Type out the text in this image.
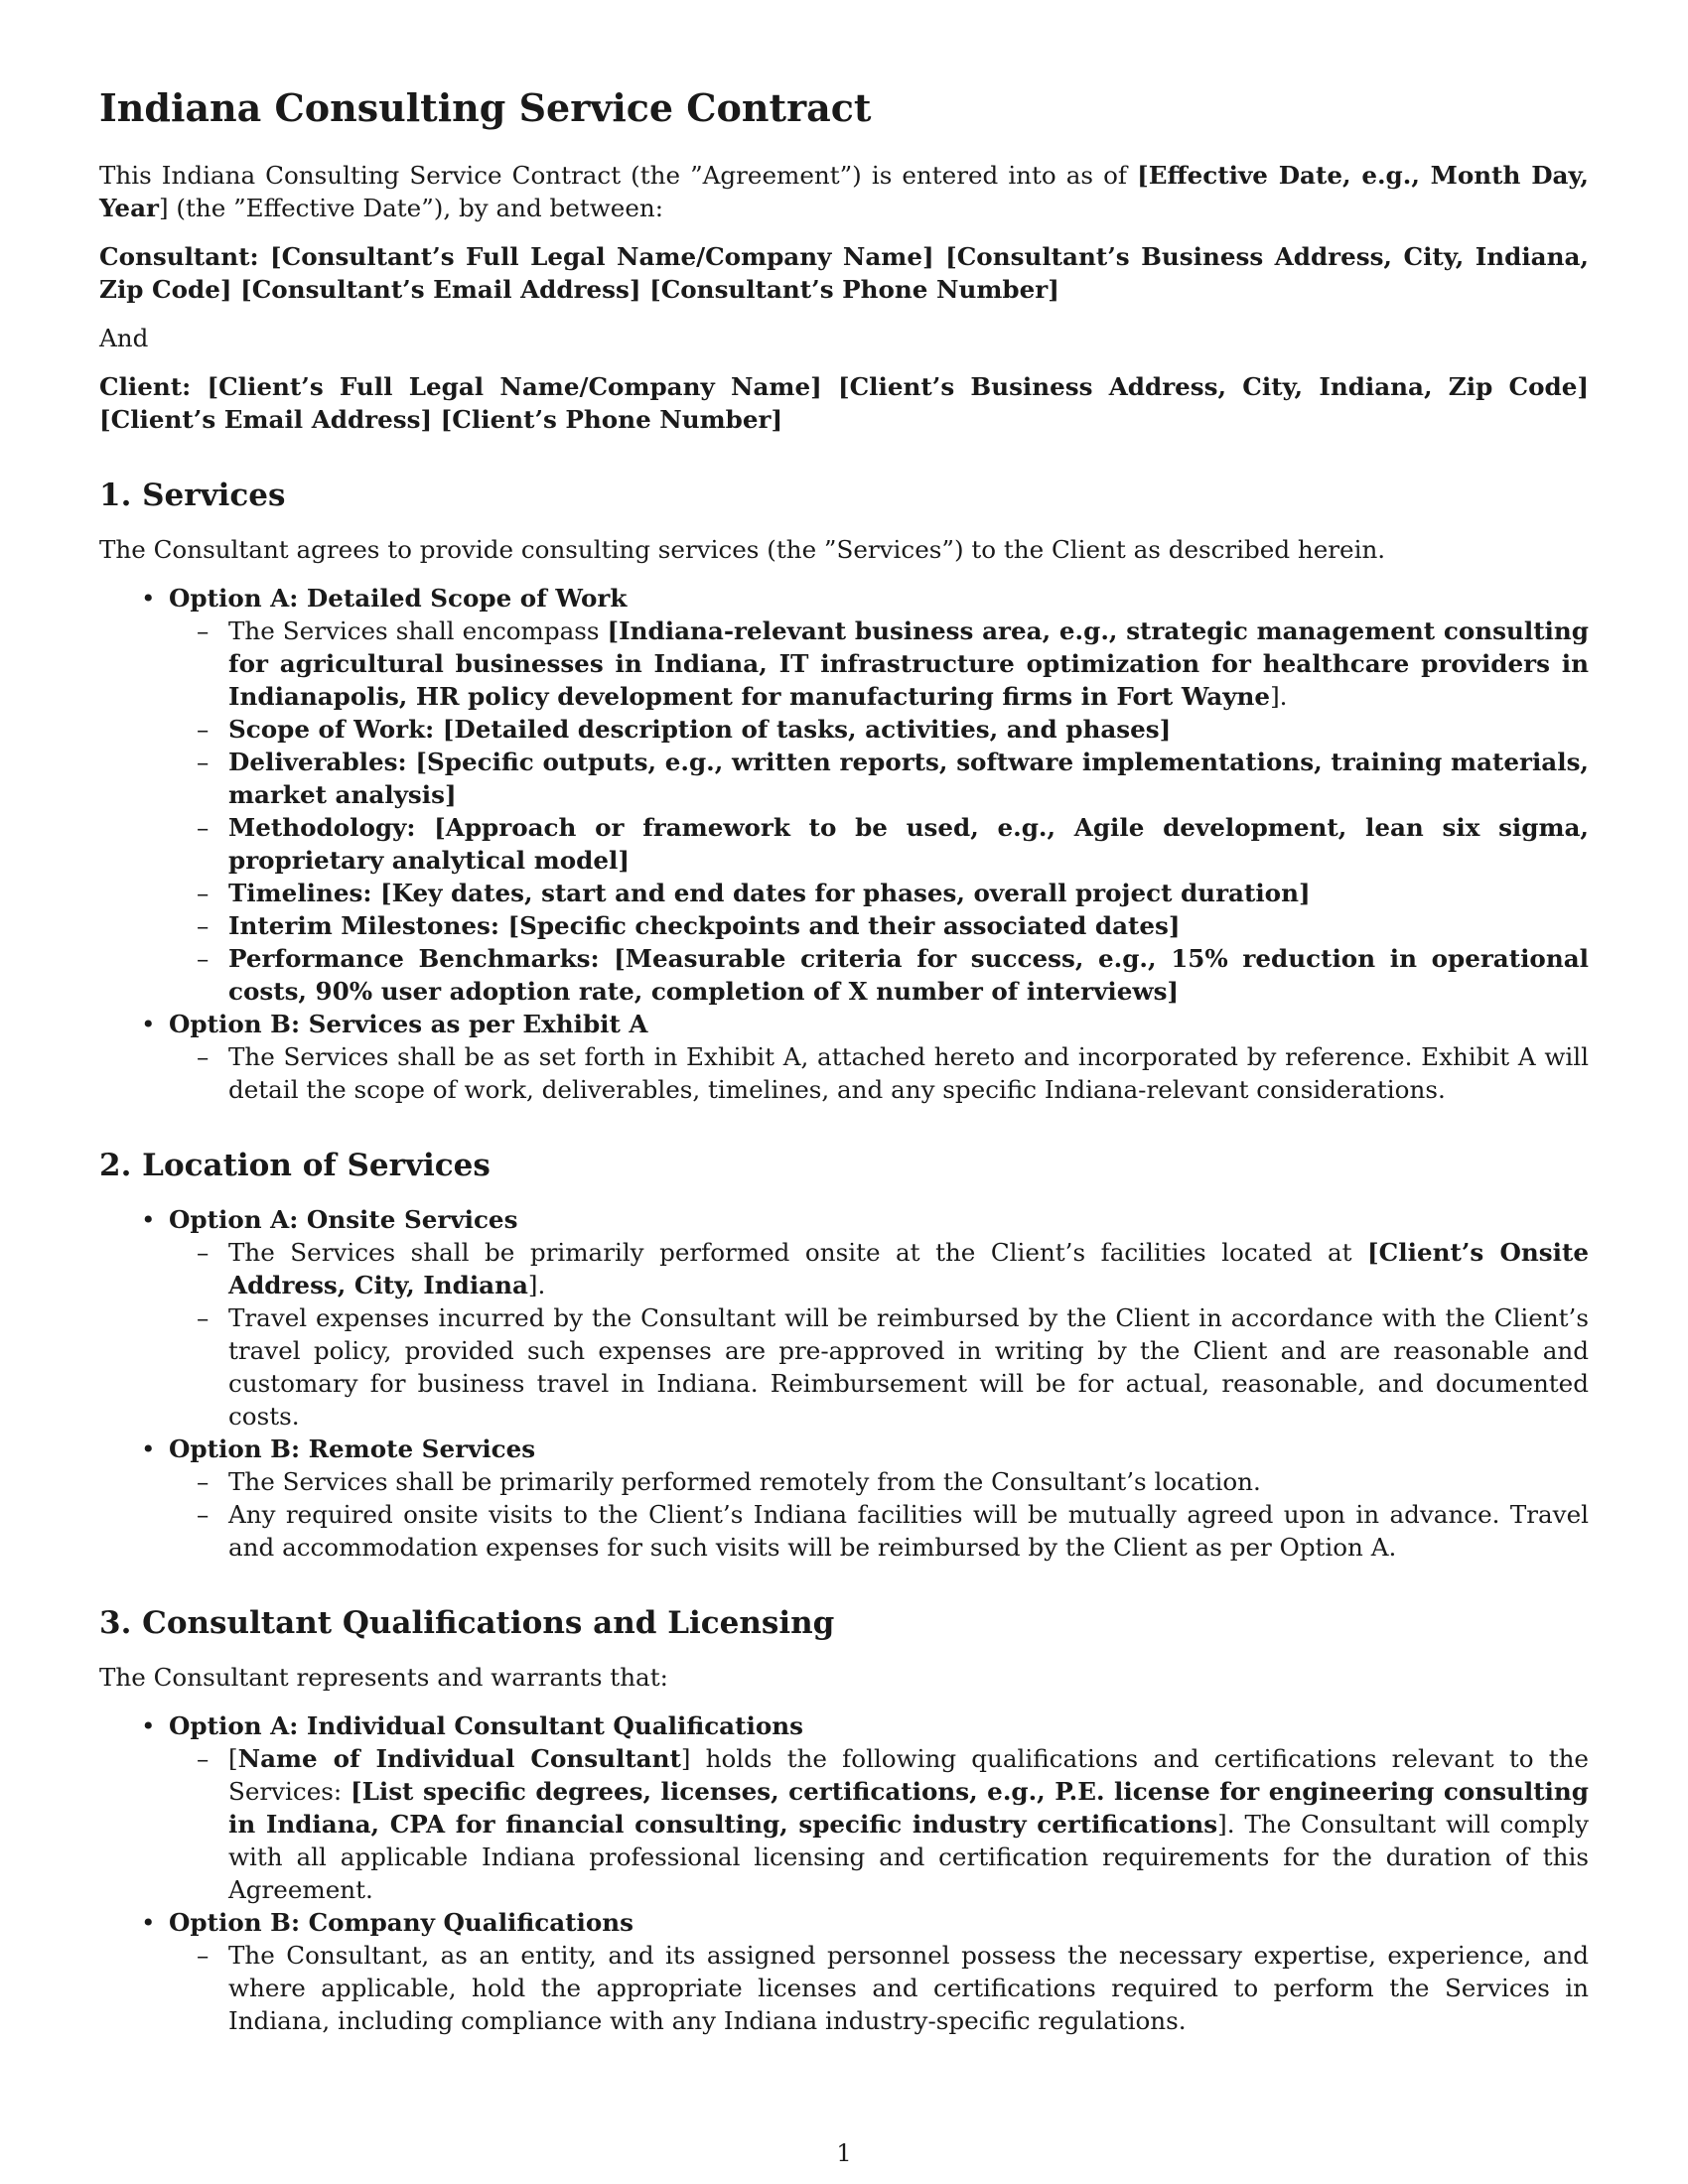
Indiana Consulting Service Contract

This Indiana Consulting Service Contract (the ”Agreement”) is entered into as of [Effective Date, e.g., Month Day, Year] (the ”Effective Date”), by and between:

Consultant: [Consultant’s Full Legal Name/Company Name] [Consultant’s Business Address, City, Indiana, Zip Code] [Consultant’s Email Address] [Consultant’s Phone Number]

And

Client: [Client’s Full Legal Name/Company Name] [Client’s Business Address, City, Indiana, Zip Code] [Client’s Email Address] [Client’s Phone Number]

1. Services

The Consultant agrees to provide consulting services (the ”Services”) to the Client as described herein.

• Option A: Detailed Scope of Work
– The Services shall encompass [Indiana-relevant business area, e.g., strategic management consulting for agricultural businesses in Indiana, IT infrastructure optimization for healthcare providers in Indianapolis, HR policy development for manufacturing firms in Fort Wayne].
– Scope of Work: [Detailed description of tasks, activities, and phases]
– Deliverables: [Specific outputs, e.g., written reports, software implementations, training materials, market analysis]
– Methodology: [Approach or framework to be used, e.g., Agile development, lean six sigma, proprietary analytical model]
– Timelines: [Key dates, start and end dates for phases, overall project duration]
– Interim Milestones: [Specific checkpoints and their associated dates]
– Performance Benchmarks: [Measurable criteria for success, e.g., 15% reduction in operational costs, 90% user adoption rate, completion of X number of interviews]
• Option B: Services as per Exhibit A
– The Services shall be as set forth in Exhibit A, attached hereto and incorporated by reference. Exhibit A will detail the scope of work, deliverables, timelines, and any specific Indiana-relevant considerations.
2. Location of Services
• Option A: Onsite Services
– The Services shall be primarily performed onsite at the Client’s facilities located at [Client’s Onsite Address, City, Indiana].
– Travel expenses incurred by the Consultant will be reimbursed by the Client in accordance with the Client’s travel policy, provided such expenses are pre-approved in writing by the Client and are reasonable and customary for business travel in Indiana. Reimbursement will be for actual, reasonable, and documented costs.
• Option B: Remote Services
– The Services shall be primarily performed remotely from the Consultant’s location.
– Any required onsite visits to the Client’s Indiana facilities will be mutually agreed upon in advance. Travel and accommodation expenses for such visits will be reimbursed by the Client as per Option A.
3. Consultant Qualifications and Licensing

The Consultant represents and warrants that:

• Option A: Individual Consultant Qualifications
– [Name of Individual Consultant] holds the following qualifications and certifications relevant to the Services: [List specific degrees, licenses, certifications, e.g., P.E. license for engineering consulting in Indiana, CPA for financial consulting, specific industry certifications]. The Consultant will comply with all applicable Indiana professional licensing and certification requirements for the duration of this Agreement.
• Option B: Company Qualifications
– The Consultant, as an entity, and its assigned personnel possess the necessary expertise, experience, and where applicable, hold the appropriate licenses and certifications required to perform the Services in Indiana, including compliance with any Indiana industry-specific regulations.
1
